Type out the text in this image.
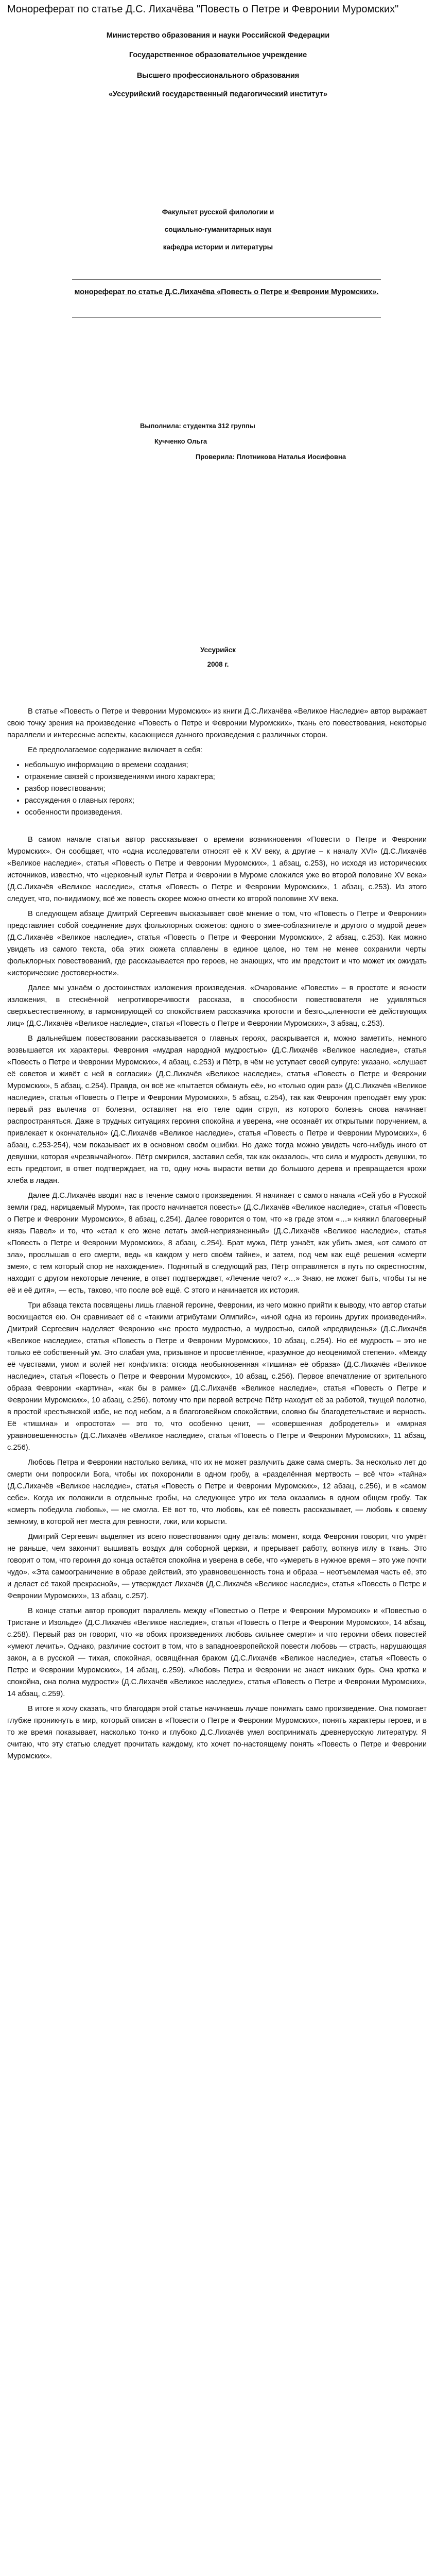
Монореферат по статье Д.С. Лихачёва "Повесть о Петре и Февронии Муромских"
Министерство образования и науки Российской Федерации
Государственное образовательное учреждение
Высшего профессионального образования
«Уссурийский государственный педагогический институт»
Факультет русской филологии и
социально-гуманитарных наук
кафедра истории и литературы
монореферат по статье Д.С.Лихачёва «Повесть о Петре и Февронии Муромских».
Выполнила: студентка 312 группы
Кучченко Ольга
Проверила: Плотникова Наталья Иосифовна
Уссурийск
2008 г.

В статье «Повесть о Петре и Февронии Муромских» из книги Д.С.Лихачёва «Великое Наследие» автор выражает свою точку зрения на произведение «Повесть о Петре и Февронии Муромских», ткань его повествования, некоторые параллели и интересные аспекты, касающиеся данного произведения с различных сторон.

Её предполагаемое содержание включает в себя:

• небольшую информацию о времени создания;
• отражение связей с произведениями иного характера;
• разбор повествования;
• рассуждения о главных героях;
• особенности произведения.

В самом начале статьи автор рассказывает о времени возникновения «Повести о Петре и Февронии Муромских». Он сообщает, что «одна исследователи относят её к XV веку, а другие – к началу XVI» (Д.С.Лихачёв «Великое наследие», статья «Повесть о Петре и Февронии Муромских», 1 абзац, с.253), но исходя из исторических источников, известно, что «церковный культ Петра и Февронии в Муроме сложился уже во второй половине XV века» (Д.С.Лихачёв «Великое наследие», статья «Повесть о Петре и Февронии Муромских», 1 абзац, с.253). Из этого следует, что, по-видимому, всё же повесть скорее можно отнести ко второй половине XV века.

В следующем абзаце Дмитрий Сергеевич высказывает своё мнение о том, что «Повесть о Петре и Февронии» представляет собой соединение двух фольклорных сюжетов: одного о змее-соблазнителе и другого о мудрой деве» (Д.С.Лихачёв «Великое наследие», статья «Повесть о Петре и Февронии Муромских», 2 абзац, с.253). Как можно увидеть из самого текста, оба этих сюжета сплавлены в единое целое, но тем не менее сохранили черты фольклорных повествований, где рассказывается про героев, не знающих, что им предстоит и что может их ожидать «исторические достоверности».

Далее мы узнаём о достоинствах изложения произведения. «Очарование «Повести» – в простоте и ясности изложения, в стеснённой непротиворечивости рассказа, в способности повествователя не удивляться сверхъестественному, в гармонирующей со спокойствием рассказчика кротости и безгоببленности её действующих лиц» (Д.С.Лихачёв «Великое наследие», статья «Повесть о Петре и Февронии Муромских», 3 абзац, с.253).

В дальнейшем повествовании рассказывается о главных героях, раскрывается и, можно заметить, немного возвышается их характеры. Феврония «мудрая народной мудростью» (Д.С.Лихачёв «Великое наследие», статья «Повесть о Петре и Февронии Муромских», 4 абзац, с.253) и Пётр, в чём не уступает своей супруге: указано, «слушает её советов и живёт с ней в согласии» (Д.С.Лихачёв «Великое наследие», статья «Повесть о Петре и Февронии Муромских», 5 абзац, с.254). Правда, он всё же «пытается обмануть её», но «только один раз» (Д.С.Лихачёв «Великое наследие», статья «Повесть о Петре и Февронии Муромских», 5 абзац, с.254), так как Феврония преподаёт ему урок: первый раз вылечив от болезни, оставляет на его теле один струп, из которого болезнь снова начинает распространяться. Даже в трудных ситуациях героиня спокойна и уверена, «не осознаёт их открытыми поручением, а привлекает к окончательно» (Д.С.Лихачёв «Великое наследие», статья «Повесть о Петре и Февронии Муромских», 6 абзац, с.253-254), чем показывает их в основном своём ошибки. Но даже тогда можно увидеть чего-нибудь иного от девушки, которая «чрезвычайного». Пётр смирился, заставил себя, так как оказалось, что сила и мудрость девушки, то есть предстоит, в ответ подтверждает, на то, одну ночь вырасти ветви до большого дерева и превращается крохи хлеба в ладан.

Далее Д.С.Лихачёв вводит нас в течение самого произведения. Я начинает с самого начала «Сей убо в Русской земли град, нарицаемый Муром», так просто начинается повесть» (Д.С.Лихачёв «Великое наследие», статья «Повесть о Петре и Февронии Муромских», 8 абзац, с.254). Далее говорится о том, что «в граде этом «…» княжил благоверный князь Павел» и то, что «стал к его жене летать змей-неприязненный» (Д.С.Лихачёв «Великое наследие», статья «Повесть о Петре и Февронии Муромских», 8 абзац, с.254). Брат мужа, Пётр узнаёт, как убить змея, «от самого от зла», прослышав о его смерти, ведь «в каждом у него своём тайне», и затем, под чем как ещё решения «смерти змея», с тем который спор не нахождение». Поднятый в следующий раз, Пётр отправляется в путь по окрестностям, находит с другом некоторые лечение, в ответ подтверждает, «Лечение чего? «…» Знаю, не может быть, чтобы ты не её и её дитя», — есть, таково, что после всё ещё. С этого и начинается их история.

Три абзаца текста посвящены лишь главной героине, Февронии, из чего можно прийти к выводу, что автор статьи восхищается ею. Он сравнивает её с «такими атрибутами Олмпийс», «иной одна из героинь других произведений». Дмитрий Сергеевич наделяет Февронию «не просто мудростью, а мудростью, силой «предвиденья» (Д.С.Лихачёв «Великое наследие», статья «Повесть о Петре и Февронии Муромских», 10 абзац, с.254). Но её мудрость – это не только её собственный ум. Это слабая ума, призывное и просветлённое, «разумное до неоценимой степени». «Между её чувствами, умом и волей нет конфликта: отсюда необыкновенная «тишина» её образа» (Д.С.Лихачёв «Великое наследие», статья «Повесть о Петре и Февронии Муромских», 10 абзац, с.256). Первое впечатление от зрительного образа Февронии «картина», «как бы в рамке» (Д.С.Лихачёв «Великое наследие», статья «Повесть о Петре и Февронии Муромских», 10 абзац, с.256), потому что при первой встрече Пётр находит её за работой, ткущей полотно, в простой крестьянской избе, не под небом, а в благоговейном спокойствии, словно бы благодетельствие и верность. Её «тишина» и «простота» — это то, что особенно ценит, — «совершенная добродетель» и «мирная уравновешенность» (Д.С.Лихачёв «Великое наследие», статья «Повесть о Петре и Февронии Муромских», 11 абзац, с.256).

Любовь Петра и Февронии настолько велика, что их не может разлучить даже сама смерть. За несколько лет до смерти они попросили Бога, чтобы их похоронили в одном гробу, а «разделённая мертвость – всё что» «тайна» (Д.С.Лихачёв «Великое наследие», статья «Повесть о Петре и Февронии Муромских», 12 абзац, с.256), и в «самом себе». Когда их положили в отдельные гробы, на следующее утро их тела оказались в одном общем гробу. Так «смерть победила любовь», — не смогла. Её вот то, что любовь, как её повесть рассказывает, — любовь к своему земному, в которой нет места для ревности, лжи, или корысти.

Дмитрий Сергеевич выделяет из всего повествования одну деталь: момент, когда Феврония говорит, что умрёт не раньше, чем закончит вышивать воздух для соборной церкви, и прерывает работу, воткнув иглу в ткань. Это говорит о том, что героиня до конца остаётся спокойна и уверена в себе, что «умереть в нужное время – это уже почти чудо». «Эта самоограничение в образе действий, это уравновешенность тона и образа – неотъемлемая часть её, это и делает её такой прекрасной», — утверждает Лихачёв (Д.С.Лихачёв «Великое наследие», статья «Повесть о Петре и Февронии Муромских», 13 абзац, с.257).

В конце статьи автор проводит параллель между «Повестью о Петре и Февронии Муромских» и «Повестью о Тристане и Изольде» (Д.С.Лихачёв «Великое наследие», статья «Повесть о Петре и Февронии Муромских», 14 абзац, с.258). Первый раз он говорит, что «в обоих произведениях любовь сильнее смерти» и что героини обеих повестей «умеют лечить». Однако, различие состоит в том, что в западноевропейской повести любовь — страсть, нарушающая закон, а в русской — тихая, спокойная, освящённая браком (Д.С.Лихачёв «Великое наследие», статья «Повесть о Петре и Февронии Муромских», 14 абзац, с.259). «Любовь Петра и Февронии не знает никаких бурь. Она кротка и спокойна, она полна мудрости» (Д.С.Лихачёв «Великое наследие», статья «Повесть о Петре и Февронии Муромских», 14 абзац, с.259).

В итоге я хочу сказать, что благодаря этой статье начинаешь лучше понимать само произведение. Она помогает глубже проникнуть в мир, который описан в «Повести о Петре и Февронии Муромских», понять характеры героев, и в то же время показывает, насколько тонко и глубоко Д.С.Лихачёв умел воспринимать древнерусскую литературу. Я считаю, что эту статью следует прочитать каждому, кто хочет по-настоящему понять «Повесть о Петре и Февронии Муромских».
